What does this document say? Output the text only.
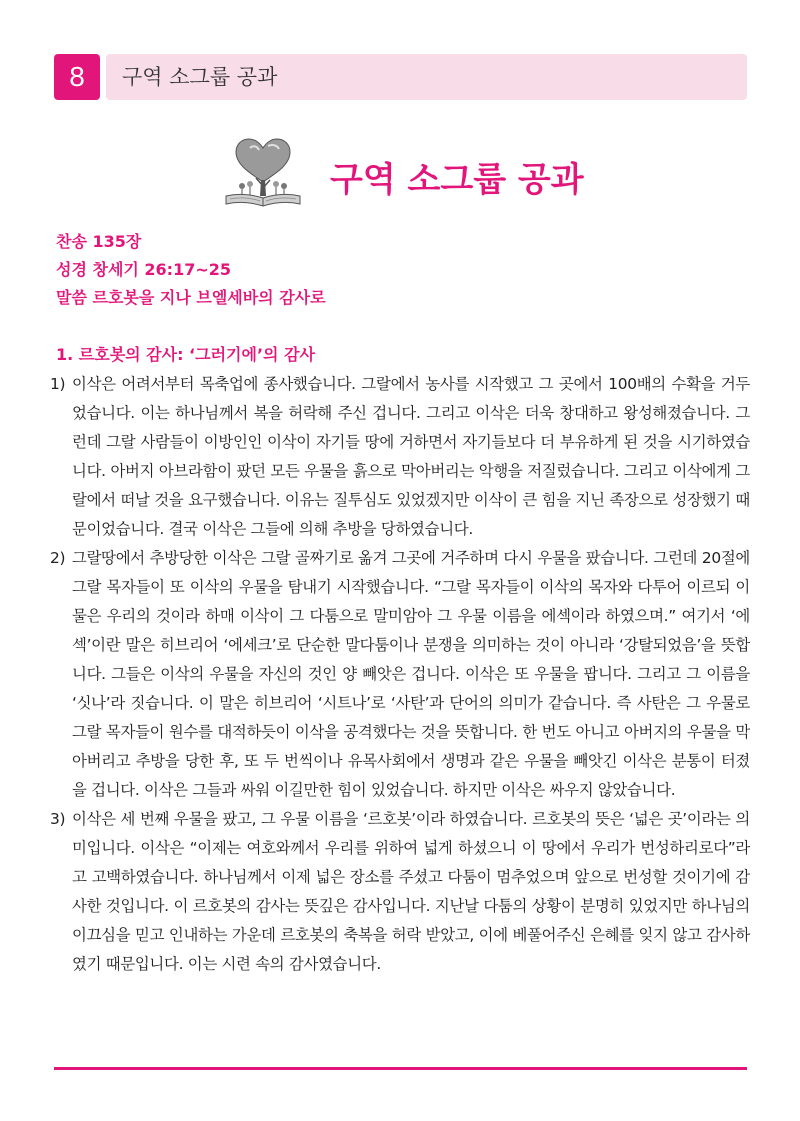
8	구역 소그룹 공과
구역 소그룹 공과
찬송 135장
성경 창세기 26:17~25
말씀 르호봇을 지나 브엘세바의 감사로
1. 르호봇의 감사: ‘그러기에’의 감사
1) 이삭은 어려서부터 목축업에 종사했습니다. 그랄에서 농사를 시작했고 그 곳에서 100배의 수확을 거두었습니다. 이는 하나님께서 복을 허락해 주신 겁니다. 그리고 이삭은 더욱 창대하고 왕성해졌습니다. 그런데 그랄 사람들이 이방인인 이삭이 자기들 땅에 거하면서 자기들보다 더 부유하게 된 것을 시기하였습니다. 아버지 아브라함이 팠던 모든 우물을 흙으로 막아버리는 악행을 저질렀습니다. 그리고 이삭에게 그랄에서 떠날 것을 요구했습니다. 이유는 질투심도 있었겠지만 이삭이 큰 힘을 지닌 족장으로 성장했기 때문이었습니다. 결국 이삭은 그들에 의해 추방을 당하였습니다.
2) 그랄땅에서 추방당한 이삭은 그랄 골짜기로 옮겨 그곳에 거주하며 다시 우물을 팠습니다. 그런데 20절에 그랄 목자들이 또 이삭의 우물을 탐내기 시작했습니다. “그랄 목자들이 이삭의 목자와 다투어 이르되 이 물은 우리의 것이라 하매 이삭이 그 다툼으로 말미암아 그 우물 이름을 에섹이라 하였으며.” 여기서 ‘에섹’이란 말은 히브리어 ‘에세크’로 단순한 말다툼이나 분쟁을 의미하는 것이 아니라 ‘강탈되었음’을 뜻합니다. 그들은 이삭의 우물을 자신의 것인 양 빼앗은 겁니다. 이삭은 또 우물을 팝니다. 그리고 그 이름을 ‘싯나’라 짓습니다. 이 말은 히브리어 ‘시트나’로 ‘사탄’과 단어의 의미가 같습니다. 즉 사탄은 그 우물로 그랄 목자들이 원수를 대적하듯이 이삭을 공격했다는 것을 뜻합니다. 한 번도 아니고 아버지의 우물을 막아버리고 추방을 당한 후, 또 두 번씩이나 유목사회에서 생명과 같은 우물을 빼앗긴 이삭은 분통이 터졌을 겁니다. 이삭은 그들과 싸워 이길만한 힘이 있었습니다. 하지만 이삭은 싸우지 않았습니다.
3) 이삭은 세 번째 우물을 팠고, 그 우물 이름을 ‘르호봇’이라 하였습니다. 르호봇의 뜻은 ‘넓은 곳’이라는 의미입니다. 이삭은 “이제는 여호와께서 우리를 위하여 넓게 하셨으니 이 땅에서 우리가 번성하리로다”라고 고백하였습니다. 하나님께서 이제 넓은 장소를 주셨고 다툼이 멈추었으며 앞으로 번성할 것이기에 감사한 것입니다. 이 르호봇의 감사는 뜻깊은 감사입니다. 지난날 다툼의 상황이 분명히 있었지만 하나님의 이끄심을 믿고 인내하는 가운데 르호봇의 축복을 허락 받았고, 이에 베풀어주신 은혜를 잊지 않고 감사하였기 때문입니다. 이는 시련 속의 감사였습니다.
